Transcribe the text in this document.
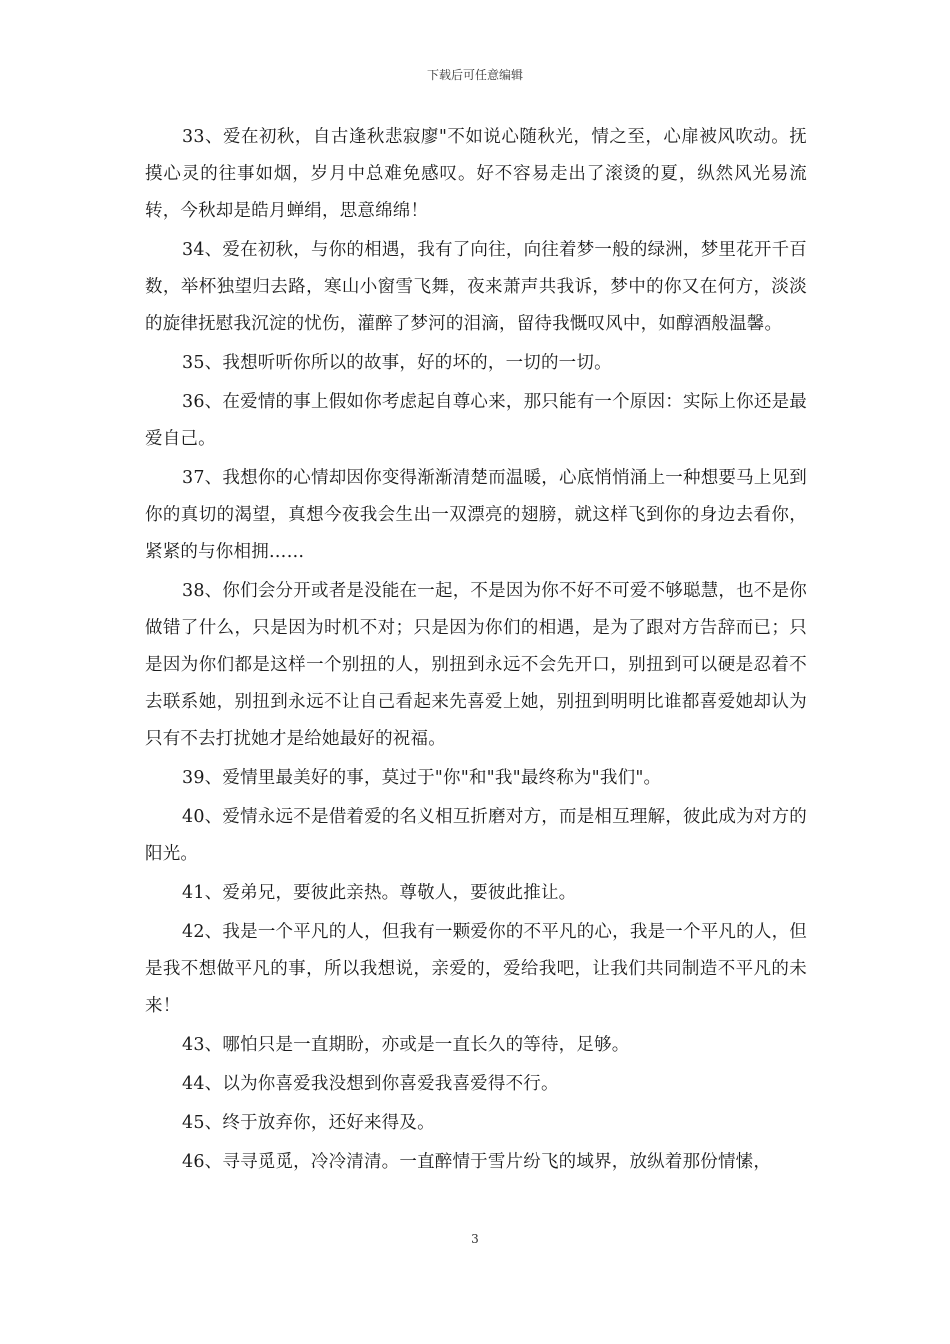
下载后可任意编辑

33、爱在初秋，自古逢秋悲寂廖"不如说心随秋光，情之至，心扉被风吹动。抚摸心灵的往事如烟，岁月中总难免感叹。好不容易走出了滚烫的夏，纵然风光易流转，今秋却是皓月蝉绢，思意绵绵！

34、爱在初秋，与你的相遇，我有了向往，向往着梦一般的绿洲，梦里花开千百数，举杯独望归去路，寒山小窗雪飞舞，夜来萧声共我诉，梦中的你又在何方，淡淡的旋律抚慰我沉淀的忧伤，灌醉了梦河的泪滴，留待我慨叹风中，如醇酒般温馨。

35、我想听听你所以的故事，好的坏的，一切的一切。

36、在爱情的事上假如你考虑起自尊心来，那只能有一个原因：实际上你还是最爱自己。

37、我想你的心情却因你变得渐渐清楚而温暖，心底悄悄涌上一种想要马上见到你的真切的渴望，真想今夜我会生出一双漂亮的翅膀，就这样飞到你的身边去看你，紧紧的与你相拥……

38、你们会分开或者是没能在一起，不是因为你不好不可爱不够聪慧，也不是你做错了什么，只是因为时机不对；只是因为你们的相遇，是为了跟对方告辞而已；只是因为你们都是这样一个别扭的人，别扭到永远不会先开口，别扭到可以硬是忍着不去联系她，别扭到永远不让自己看起来先喜爱上她，别扭到明明比谁都喜爱她却认为只有不去打扰她才是给她最好的祝福。

39、爱情里最美好的事，莫过于"你"和"我"最终称为"我们"。

40、爱情永远不是借着爱的名义相互折磨对方，而是相互理解，彼此成为对方的阳光。

41、爱弟兄，要彼此亲热。尊敬人，要彼此推让。

42、我是一个平凡的人，但我有一颗爱你的不平凡的心，我是一个平凡的人，但是我不想做平凡的事，所以我想说，亲爱的，爱给我吧，让我们共同制造不平凡的未来！

43、哪怕只是一直期盼，亦或是一直长久的等待，足够。

44、以为你喜爱我没想到你喜爱我喜爱得不行。

45、终于放弃你，还好来得及。

46、寻寻觅觅，冷冷清清。一直醉情于雪片纷飞的域界，放纵着那份情愫，

3
